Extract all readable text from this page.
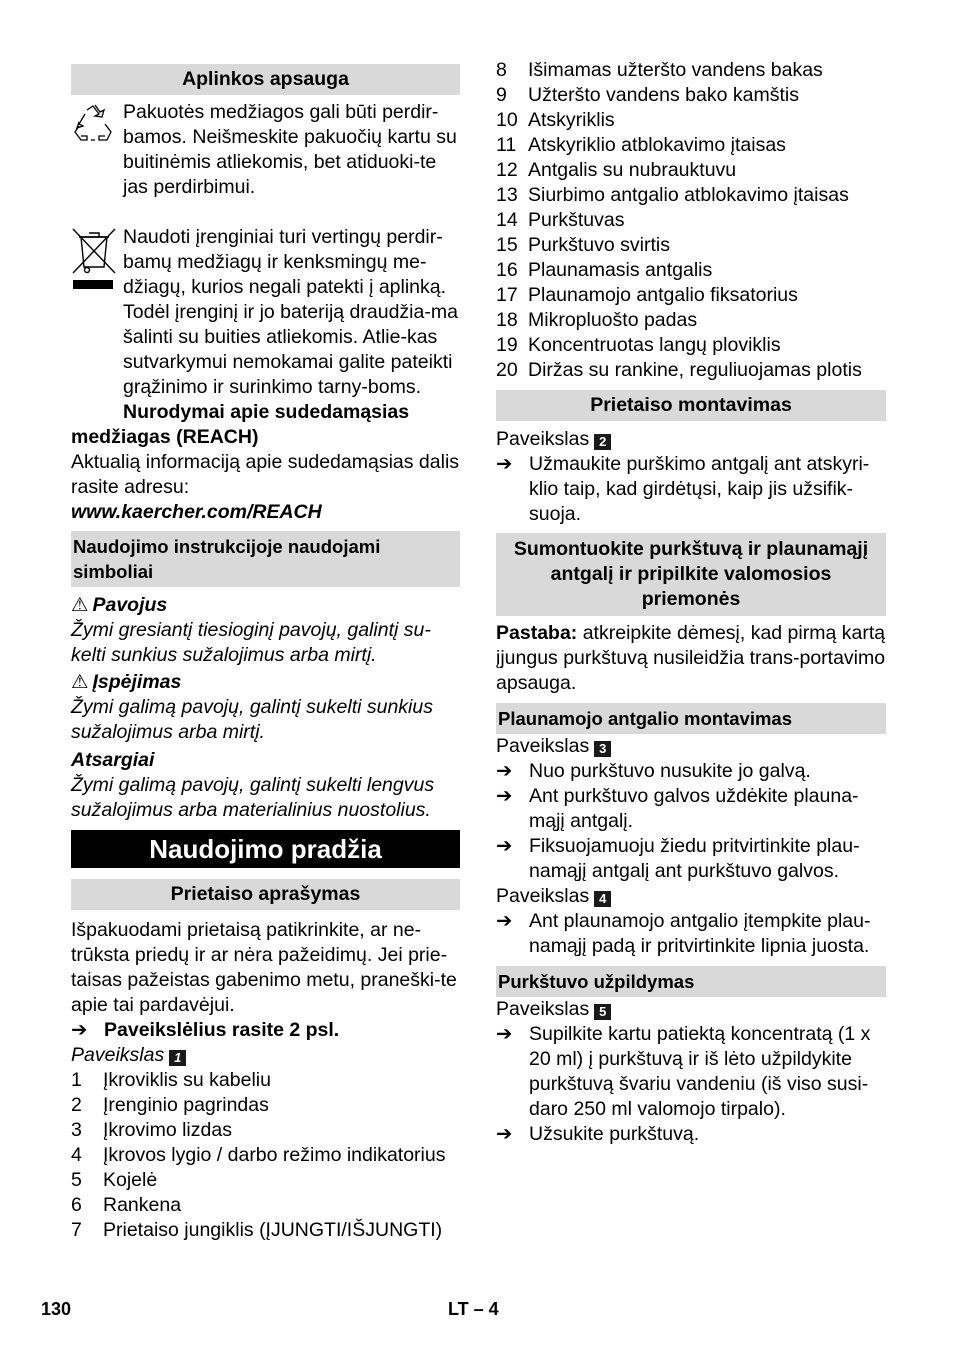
Aplinkos apsauga

Pakuotės medžiagos gali būti perdir-bamos. Neišmeskite pakuočių kartu su buitinėmis atliekomis, bet atiduoki-te jas perdirbimui.

Naudoti įrenginiai turi vertingų perdir-bamų medžiagų ir kenksmingų me-džiagų, kurios negali patekti į aplinką. Todėl įrenginį ir jo bateriją draudžia-ma šalinti su buities atliekomis. Atlie-kas sutvarkymui nemokamai galite pateikti grąžinimo ir surinkimo tarny-boms.

Nurodymai apie sudedamąsias medžiagas (REACH)

Aktualią informaciją apie sudedamąsias dalis rasite adresu:

www.kaercher.com/REACH

Naudojimo instrukcijoje naudojami simboliai

⚠ Pavojus

Žymi gresiantį tiesioginį pavojų, galintį su-kelti sunkius sužalojimus arba mirtį.

⚠ Įspėjimas

Žymi galimą pavojų, galintį sukelti sunkius sužalojimus arba mirtį.

Atsargiai

Žymi galimą pavojų, galintį sukelti lengvus sužalojimus arba materialinius nuostolius.

Naudojimo pradžia
Prietaiso aprašymas

Išpakuodami prietaisą patikrinkite, ar ne-trūksta priedų ir ar nėra pažeidimų. Jei prie-taisas pažeistas gabenimo metu, praneški-te apie tai pardavėjui.

➔ Paveikslėlius rasite 2 psl.

Paveikslas 1

1	Įkroviklis su kabeliu
2	Įrenginio pagrindas
3	Įkrovimo lizdas
4	Įkrovos lygio / darbo režimo indikatorius
5	Kojelė
6	Rankena
7	Prietaiso jungiklis (ĮJUNGTI/IŠJUNGTI)
8	Išimamas užteršto vandens bakas
9	Užteršto vandens bako kamštis
10 Atskyriklis
11 Atskyriklio atblokavimo įtaisas
12 Antgalis su nubrauktuvu
13 Siurbimo antgalio atblokavimo įtaisas
14 Purkštuvas
15 Purkštuvo svirtis
16 Plaunamasis antgalis
17 Plaunamojo antgalio fiksatorius
18 Mikropluošto padas
19 Koncentruotas langų ploviklis
20 Diržas su rankine, reguliuojamas plotis
Prietaiso montavimas

Paveikslas 2

➔ Užmaukite purškimo antgalį ant atskyri-klio taip, kad girdėtųsi, kaip jis užsifik-suoja.
Sumontuokite purkštuvą ir plaunamąjį antgalį ir pripilkite valomosios priemonės

Pastaba: atkreipkite dėmesį, kad pirmą kartą įjungus purkštuvą nusileidžia trans-portavimo apsauga.

Plaunamojo antgalio montavimas

Paveikslas 3

➔ Nuo purkštuvo nusukite jo galvą.
➔ Ant purkštuvo galvos uždėkite plauna-mąjį antgalį.
➔ Fiksuojamuoju žiedu pritvirtinkite plau-namąjį antgalį ant purkštuvo galvos.

Paveikslas 4

➔ Ant plaunamojo antgalio įtempkite plau-namąjį padą ir pritvirtinkite lipnia juosta.
Purkštuvo užpildymas

Paveikslas 5

➔ Supilkite kartu patiektą koncentratą (1 x 20 ml) į purkštuvą ir iš lėto užpildykite purkštuvą švariu vandeniu (iš viso susi-daro 250 ml valomojo tirpalo).
➔ Užsukite purkštuvą.
130	LT – 4
